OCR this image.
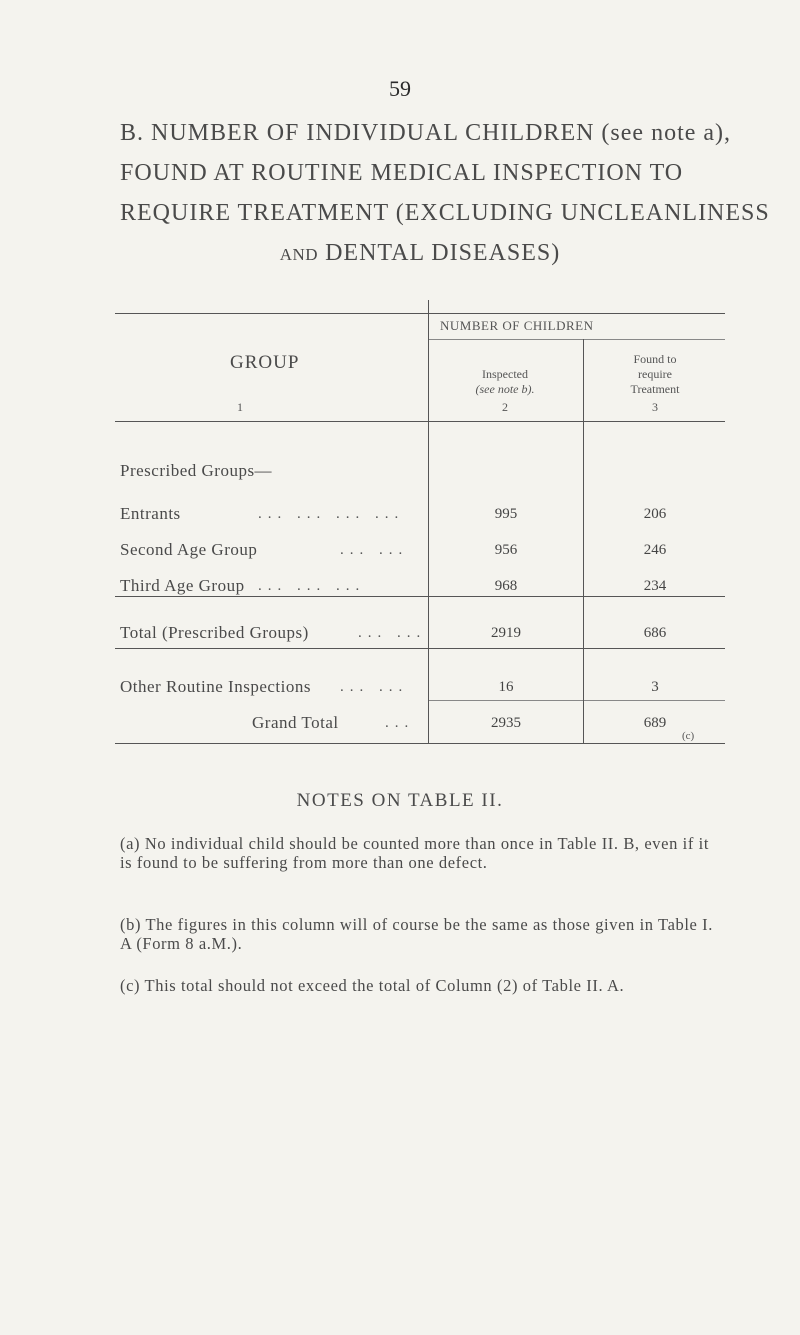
59
B. NUMBER OF INDIVIDUAL CHILDREN (see note a),
FOUND AT ROUTINE MEDICAL INSPECTION TO
REQUIRE TREATMENT (EXCLUDING UNCLEANLINESS
AND DENTAL DISEASES)
GROUP
NUMBER OF CHILDREN
Inspected
(see note b).
Found to
require
Treatment
1	2	3
Prescribed Groups—
Entrants	... ... ... ...	995	206
Second Age Group	... ...	956	246
Third Age Group ... ... ...	968	234
Total (Prescribed Groups)	... ...	2919	686
Other Routine Inspections ... ...	16	3
Grand Total	...	2935	689
(c)
NOTES ON TABLE II.
(a) No individual child should be counted more than once in Table II. B, even if it is found to be suffering from more than one defect.
(b) The figures in this column will of course be the same as those given in Table I. A (Form 8 a.M.).
(c) This total should not exceed the total of Column (2) of Table II. A.
